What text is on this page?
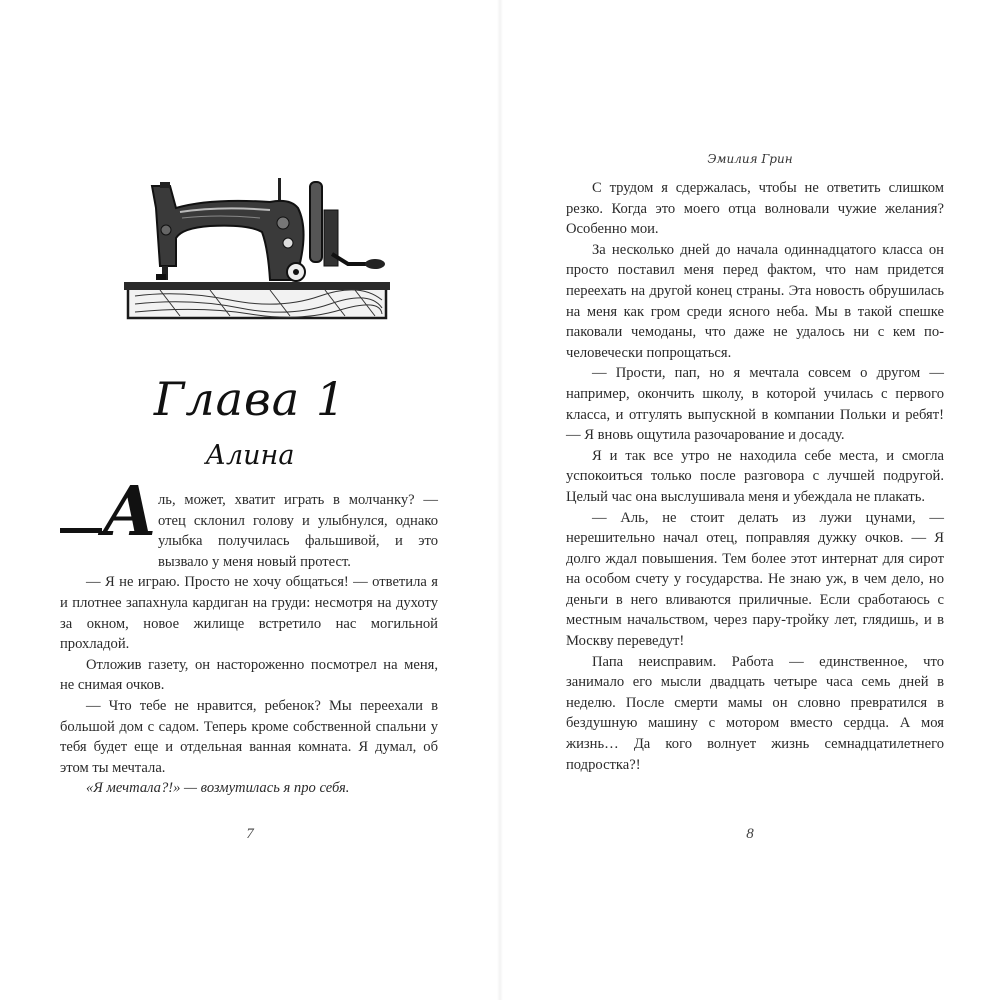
Глава 1
Алина
А ль, может, хватит играть в молчанку? — отец склонил голову и улыбнулся, однако улыбка получилась фальшивой, и это вызвало у меня новый протест.

— Я не играю. Просто не хочу общаться! — ответила я и плотнее запахнула кардиган на груди: несмотря на духоту за окном, новое жилище встретило нас могильной прохладой.

Отложив газету, он настороженно посмотрел на меня, не снимая очков.

— Что тебе не нравится, ребенок? Мы переехали в большой дом с садом. Теперь кроме собственной спальни у тебя будет еще и отдельная ванная комната. Я думал, об этом ты мечтала.

«Я мечтала?!» — возмутилась я про себя.

7
Эмилия Грин

С трудом я сдержалась, чтобы не ответить слишком резко. Когда это моего отца волновали чужие желания? Особенно мои.

За несколько дней до начала одиннадцатого класса он просто поставил меня перед фактом, что нам придется переехать на другой конец страны. Эта новость обрушилась на меня как гром среди ясного неба. Мы в такой спешке паковали чемоданы, что даже не удалось ни с кем по-человечески попрощаться.

— Прости, пап, но я мечтала совсем о другом — например, окончить школу, в которой училась с первого класса, и отгулять выпускной в компании Польки и ребят! — Я вновь ощутила разочарование и досаду.

Я и так все утро не находила себе места, и смогла успокоиться только после разговора с лучшей подругой. Целый час она выслушивала меня и убеждала не плакать.

— Аль, не стоит делать из лужи цунами, — нерешительно начал отец, поправляя дужку очков. — Я долго ждал повышения. Тем более этот интернат для сирот на особом счету у государства. Не знаю уж, в чем дело, но деньги в него вливаются приличные. Если сработаюсь с местным начальством, через пару-тройку лет, глядишь, и в Москву переведут!

Папа неисправим. Работа — единственное, что занимало его мысли двадцать четыре часа семь дней в неделю. После смерти мамы он словно превратился в бездушную машину с мотором вместо сердца. А моя жизнь… Да кого волнует жизнь семнадцатилетнего подростка?!

8
